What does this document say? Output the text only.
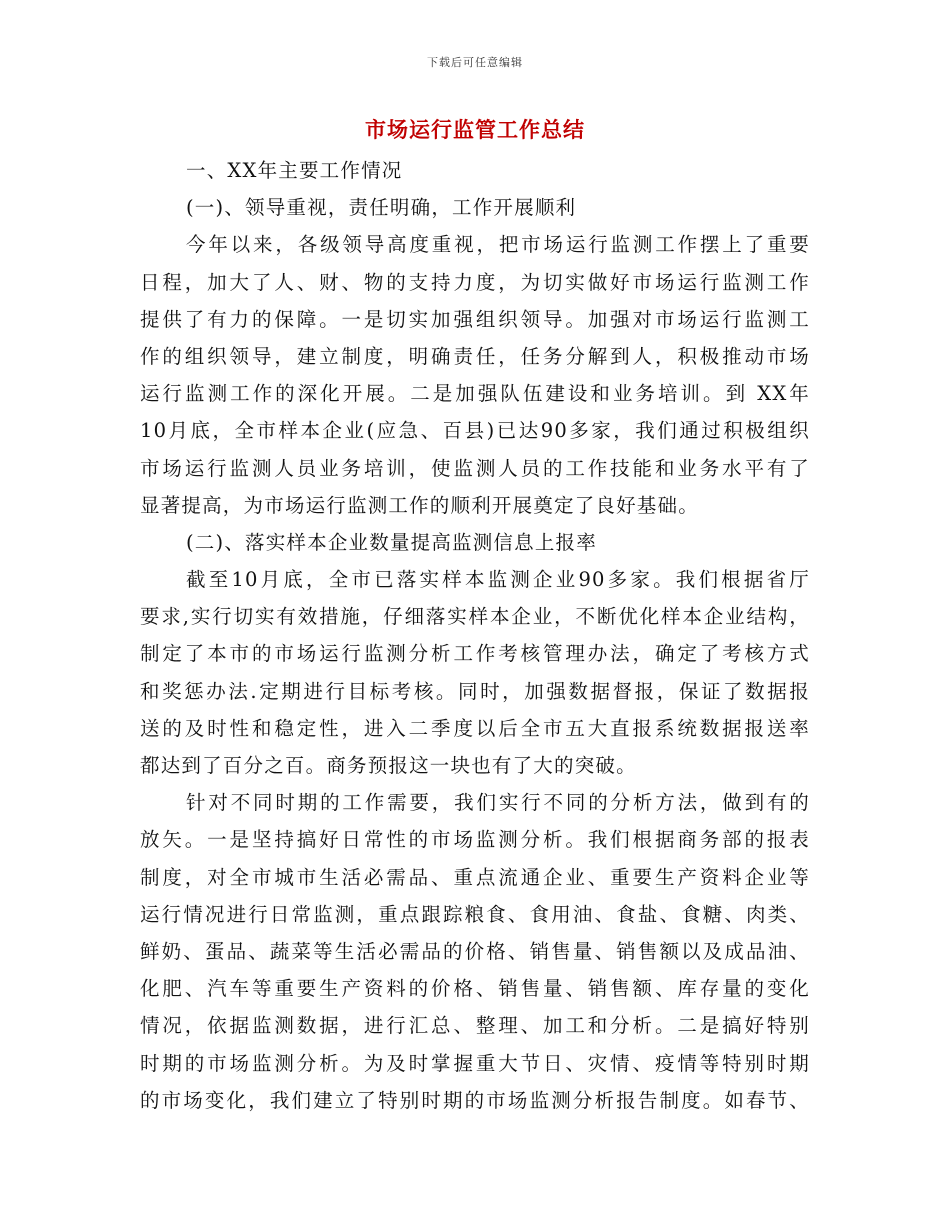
下载后可任意编辑
市场运行监管工作总结
一、XX年主要工作情况
(一)、领导重视，责任明确，工作开展顺利
今年以来，各级领导高度重视，把市场运行监测工作摆上了重要
日程，加大了人、财、物的支持力度，为切实做好市场运行监测工作
提供了有力的保障。一是切实加强组织领导。加强对市场运行监测工
作的组织领导，建立制度，明确责任，任务分解到人，积极推动市场
运行监测工作的深化开展。二是加强队伍建设和业务培训。到 XX年
10月底，全市样本企业(应急、百县)已达90多家，我们通过积极组织
市场运行监测人员业务培训，使监测人员的工作技能和业务水平有了
显著提高，为市场运行监测工作的顺利开展奠定了良好基础。
(二)、落实样本企业数量提高监测信息上报率
截至10月底，全市已落实样本监测企业90多家。我们根据省厅
要求,实行切实有效措施，仔细落实样本企业，不断优化样本企业结构，
制定了本市的市场运行监测分析工作考核管理办法，确定了考核方式
和奖惩办法.定期进行目标考核。同时，加强数据督报，保证了数据报
送的及时性和稳定性，进入二季度以后全市五大直报系统数据报送率
都达到了百分之百。商务预报这一块也有了大的突破。
针对不同时期的工作需要，我们实行不同的分析方法，做到有的
放矢。一是坚持搞好日常性的市场监测分析。我们根据商务部的报表
制度，对全市城市生活必需品、重点流通企业、重要生产资料企业等
运行情况进行日常监测，重点跟踪粮食、食用油、食盐、食糖、肉类、
鲜奶、蛋品、蔬菜等生活必需品的价格、销售量、销售额以及成品油、
化肥、汽车等重要生产资料的价格、销售量、销售额、库存量的变化
情况，依据监测数据，进行汇总、整理、加工和分析。二是搞好特别
时期的市场监测分析。为及时掌握重大节日、灾情、疫情等特别时期
的市场变化，我们建立了特别时期的市场监测分析报告制度。如春节、
